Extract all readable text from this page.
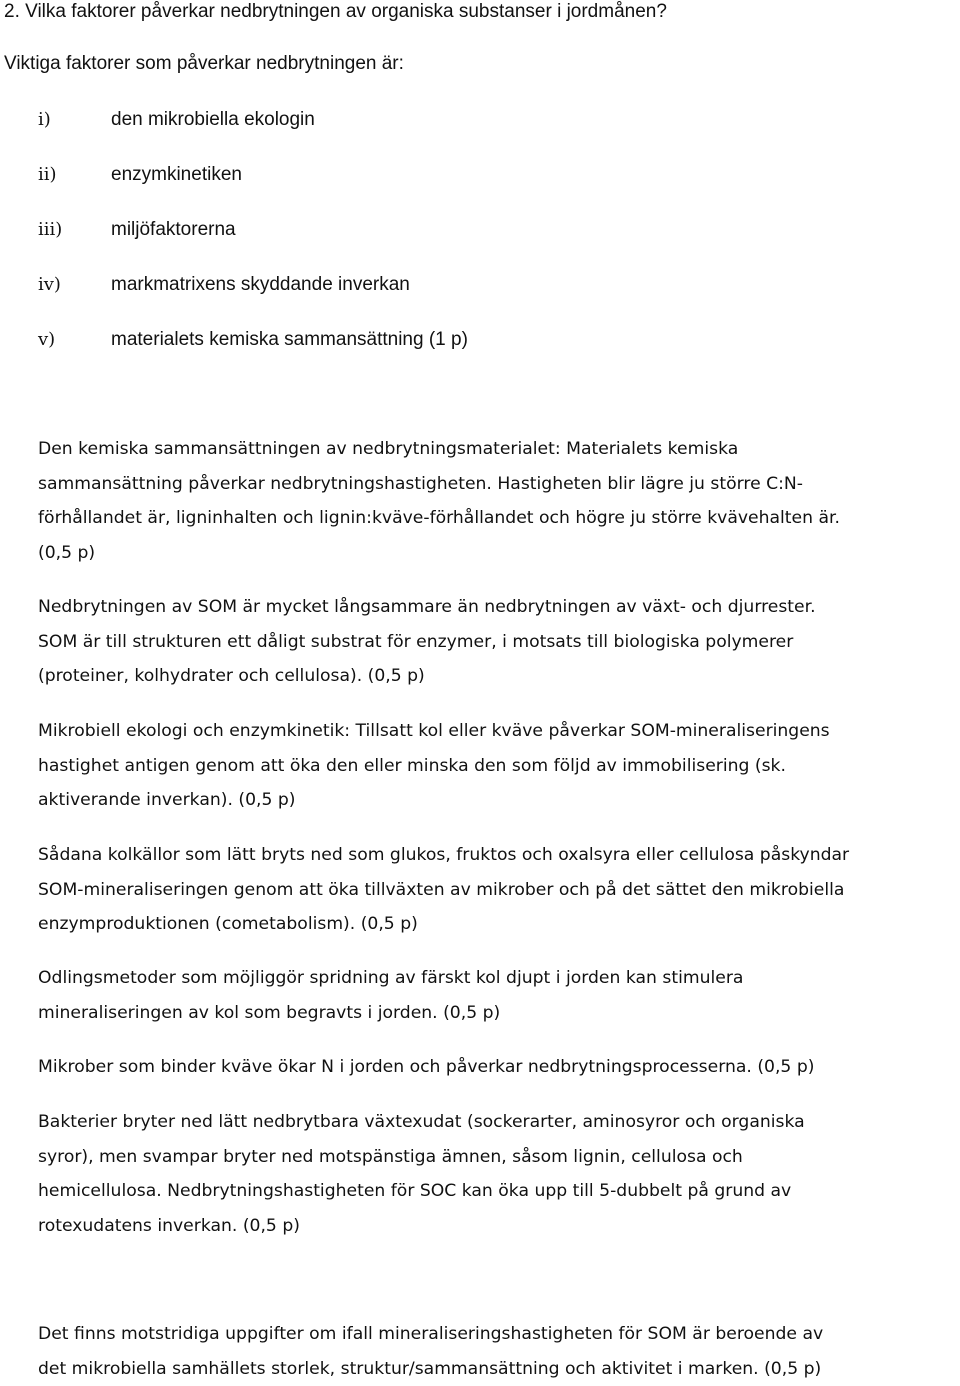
2. Vilka faktorer påverkar nedbrytningen av organiska substanser i jordmånen?
Viktiga faktorer som påverkar nedbrytningen är:
i)	den mikrobiella ekologin
ii)	enzymkinetiken
iii)	miljöfaktorerna
iv)	markmatrixens skyddande inverkan
v)	materialets kemiska sammansättning (1 p)
Den kemiska sammansättningen av nedbrytningsmaterialet: Materialets kemiska
sammansättning påverkar nedbrytningshastigheten. Hastigheten blir lägre ju större C:N-
förhållandet är, ligninhalten och lignin:kväve-förhållandet och högre ju större kvävehalten är.
(0,5 p)
Nedbrytningen av SOM är mycket långsammare än nedbrytningen av växt- och djurrester.
SOM är till strukturen ett dåligt substrat för enzymer, i motsats till biologiska polymerer
(proteiner, kolhydrater och cellulosa). (0,5 p)
Mikrobiell ekologi och enzymkinetik: Tillsatt kol eller kväve påverkar SOM-mineraliseringens
hastighet antigen genom att öka den eller minska den som följd av immobilisering (sk.
aktiverande inverkan). (0,5 p)
Sådana kolkällor som lätt bryts ned som glukos, fruktos och oxalsyra eller cellulosa påskyndar
SOM-mineraliseringen genom att öka tillväxten av mikrober och på det sättet den mikrobiella
enzymproduktionen (cometabolism). (0,5 p)
Odlingsmetoder som möjliggör spridning av färskt kol djupt i jorden kan stimulera
mineraliseringen av kol som begravts i jorden. (0,5 p)
Mikrober som binder kväve ökar N i jorden och påverkar nedbrytningsprocesserna. (0,5 p)
Bakterier bryter ned lätt nedbrytbara växtexudat (sockerarter, aminosyror och organiska
syror), men svampar bryter ned motspänstiga ämnen, såsom lignin, cellulosa och
hemicellulosa. Nedbrytningshastigheten för SOC kan öka upp till 5-dubbelt på grund av
rotexudatens inverkan. (0,5 p)
Det finns motstridiga uppgifter om ifall mineraliseringshastigheten för SOM är beroende av
det mikrobiella samhällets storlek, struktur/sammansättning och aktivitet i marken. (0,5 p)
